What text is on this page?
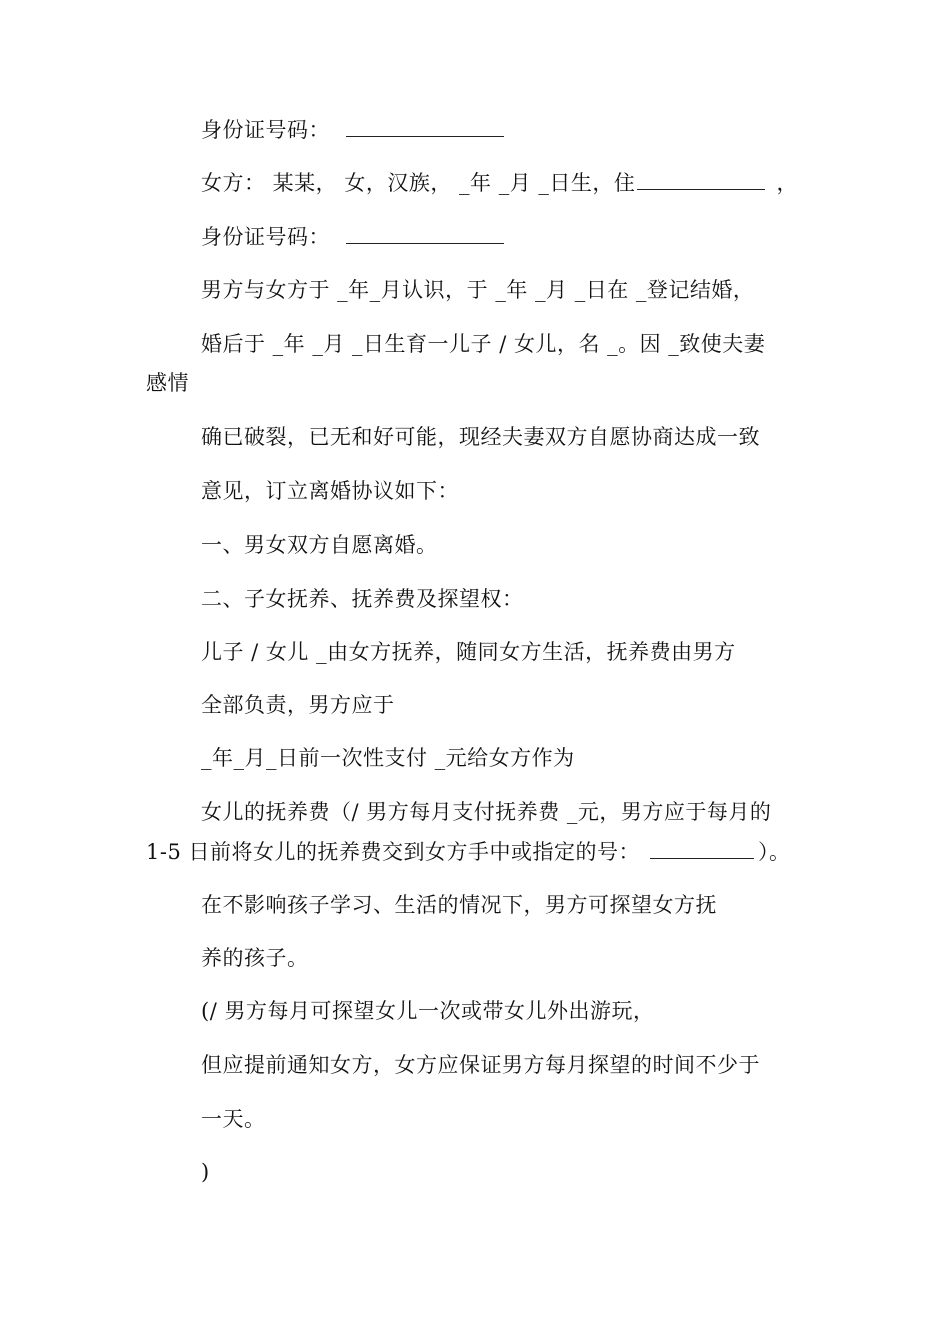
身份证号码：
女方： 某某， 女，汉族， _年 _月 _日生，住	，
身份证号码：
男方与女方于 _年_月认识，于 _年 _月 _日在 _登记结婚，
婚后于 _年 _月 _日生育一儿子 / 女儿，名 _。因 _致使夫妻
感情
确已破裂，已无和好可能，现经夫妻双方自愿协商达成一致
意见，订立离婚协议如下：
一、男女双方自愿离婚。
二、子女抚养、抚养费及探望权：
儿子 / 女儿 _由女方抚养，随同女方生活，抚养费由男方
全部负责，男方应于
_年_月_日前一次性支付 _元给女方作为
女儿的抚养费（/ 男方每月支付抚养费 _元，男方应于每月的
1-5 日前将女儿的抚养费交到女方手中或指定的号：	）。
在不影响孩子学习、生活的情况下，男方可探望女方抚
养的孩子。
(/ 男方每月可探望女儿一次或带女儿外出游玩，
但应提前通知女方，女方应保证男方每月探望的时间不少于
一天。
)
